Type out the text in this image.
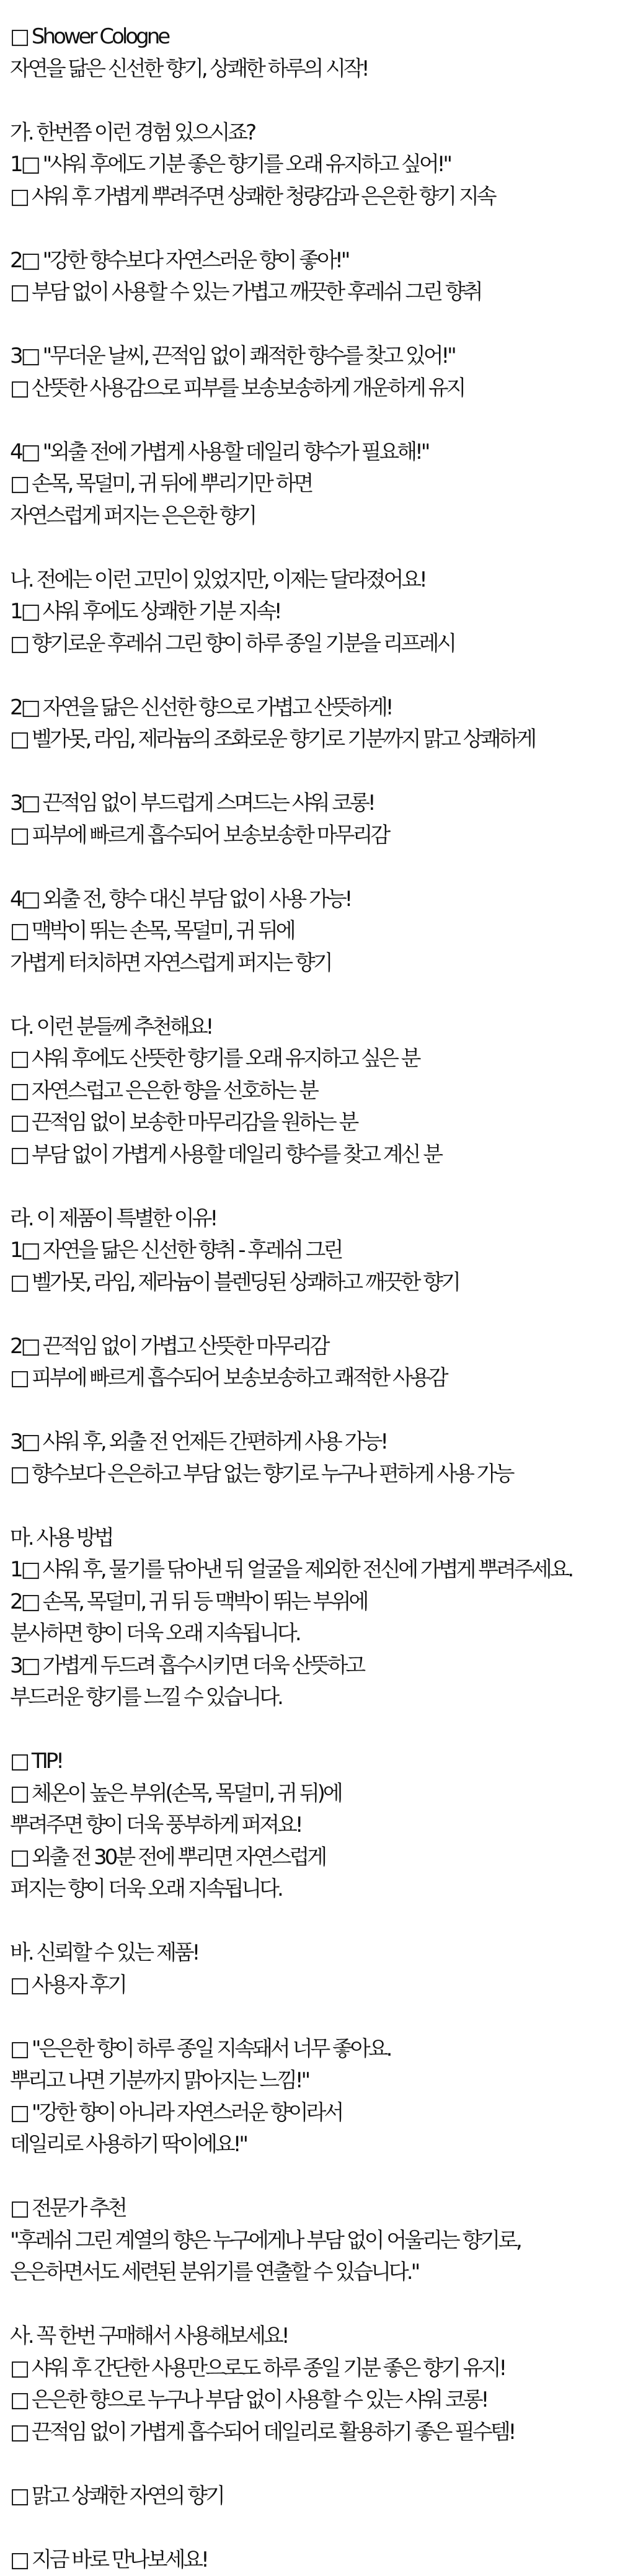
□ Shower Cologne
자연을 닮은 신선한 향기, 상쾌한 하루의 시작!
가. 한번쯤 이런 경험 있으시죠?
1□ "샤워 후에도 기분 좋은 향기를 오래 유지하고 싶어!"
□ 샤워 후 가볍게 뿌려주면 상쾌한 청량감과 은은한 향기 지속
2□ "강한 향수보다 자연스러운 향이 좋아!"
□ 부담 없이 사용할 수 있는 가볍고 깨끗한 후레쉬 그린 향취
3□ "무더운 날씨, 끈적임 없이 쾌적한 향수를 찾고 있어!"
□ 산뜻한 사용감으로 피부를 보송보송하게 개운하게 유지
4□ "외출 전에 가볍게 사용할 데일리 향수가 필요해!"
□ 손목, 목덜미, 귀 뒤에 뿌리기만 하면
자연스럽게 퍼지는 은은한 향기
나. 전에는 이런 고민이 있었지만, 이제는 달라졌어요!
1□ 샤워 후에도 상쾌한 기분 지속!
□ 향기로운 후레쉬 그린 향이 하루 종일 기분을 리프레시
2□ 자연을 닮은 신선한 향으로 가볍고 산뜻하게!
□ 벨가못, 라임, 제라늄의 조화로운 향기로 기분까지 맑고 상쾌하게
3□ 끈적임 없이 부드럽게 스며드는 샤워 코롱!
□ 피부에 빠르게 흡수되어 보송보송한 마무리감
4□ 외출 전, 향수 대신 부담 없이 사용 가능!
□ 맥박이 뛰는 손목, 목덜미, 귀 뒤에
가볍게 터치하면 자연스럽게 퍼지는 향기
다. 이런 분들께 추천해요!
□ 샤워 후에도 산뜻한 향기를 오래 유지하고 싶은 분
□ 자연스럽고 은은한 향을 선호하는 분
□ 끈적임 없이 보송한 마무리감을 원하는 분
□ 부담 없이 가볍게 사용할 데일리 향수를 찾고 계신 분
라. 이 제품이 특별한 이유!
1□ 자연을 닮은 신선한 향취 - 후레쉬 그린
□ 벨가못, 라임, 제라늄이 블렌딩된 상쾌하고 깨끗한 향기
2□ 끈적임 없이 가볍고 산뜻한 마무리감
□ 피부에 빠르게 흡수되어 보송보송하고 쾌적한 사용감
3□ 샤워 후, 외출 전 언제든 간편하게 사용 가능!
□ 향수보다 은은하고 부담 없는 향기로 누구나 편하게 사용 가능
마. 사용 방법
1□ 샤워 후, 물기를 닦아낸 뒤 얼굴을 제외한 전신에 가볍게 뿌려주세요.
2□ 손목, 목덜미, 귀 뒤 등 맥박이 뛰는 부위에
분사하면 향이 더욱 오래 지속됩니다.
3□ 가볍게 두드려 흡수시키면 더욱 산뜻하고
부드러운 향기를 느낄 수 있습니다.
□ TIP!
□ 체온이 높은 부위(손목, 목덜미, 귀 뒤)에
뿌려주면 향이 더욱 풍부하게 퍼져요!
□ 외출 전 30분 전에 뿌리면 자연스럽게
퍼지는 향이 더욱 오래 지속됩니다.
바. 신뢰할 수 있는 제품!
□ 사용자 후기
□ "은은한 향이 하루 종일 지속돼서 너무 좋아요.
뿌리고 나면 기분까지 맑아지는 느낌!"
□ "강한 향이 아니라 자연스러운 향이라서
데일리로 사용하기 딱이에요!"
□ 전문가 추천
"후레쉬 그린 계열의 향은 누구에게나 부담 없이 어울리는 향기로,
은은하면서도 세련된 분위기를 연출할 수 있습니다."
사. 꼭 한번 구매해서 사용해보세요!
□ 샤워 후 간단한 사용만으로도 하루 종일 기분 좋은 향기 유지!
□ 은은한 향으로 누구나 부담 없이 사용할 수 있는 샤워 코롱!
□ 끈적임 없이 가볍게 흡수되어 데일리로 활용하기 좋은 필수템!
□ 맑고 상쾌한 자연의 향기
□ 지금 바로 만나보세요!
